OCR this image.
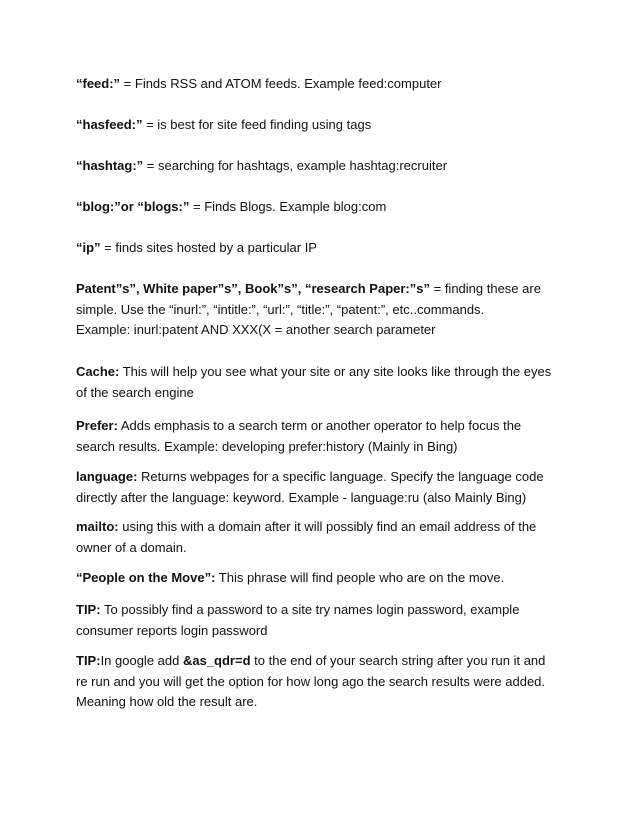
“feed:” = Finds RSS and ATOM feeds. Example feed:computer

“hasfeed:” = is best for site feed finding using tags

“hashtag:” = searching for hashtags, example hashtag:recruiter

“blog:”or “blogs:” = Finds Blogs. Example blog:com

“ip” = finds sites hosted by a particular IP

Patent”s”, White paper”s”, Book”s”, “research Paper:”s” = finding these are
simple. Use the “inurl:”, “intitle:”, “url:”, “title:”, “patent:”, etc..commands.
Example: inurl:patent AND XXX(X = another search parameter

Cache: This will help you see what your site or any site looks like through the eyes
of the search engine

Prefer: Adds emphasis to a search term or another operator to help focus the
search results. Example: developing prefer:history (Mainly in Bing)

language: Returns webpages for a specific language. Specify the language code
directly after the language: keyword. Example - language:ru (also Mainly Bing)

mailto: using this with a domain after it will possibly find an email address of the
owner of a domain.

“People on the Move”: This phrase will find people who are on the move.

TIP: To possibly find a password to a site try names login password, example
consumer reports login password

TIP:In google add &as_qdr=d to the end of your search string after you run it and
re run and you will get the option for how long ago the search results were added.
Meaning how old the result are.
